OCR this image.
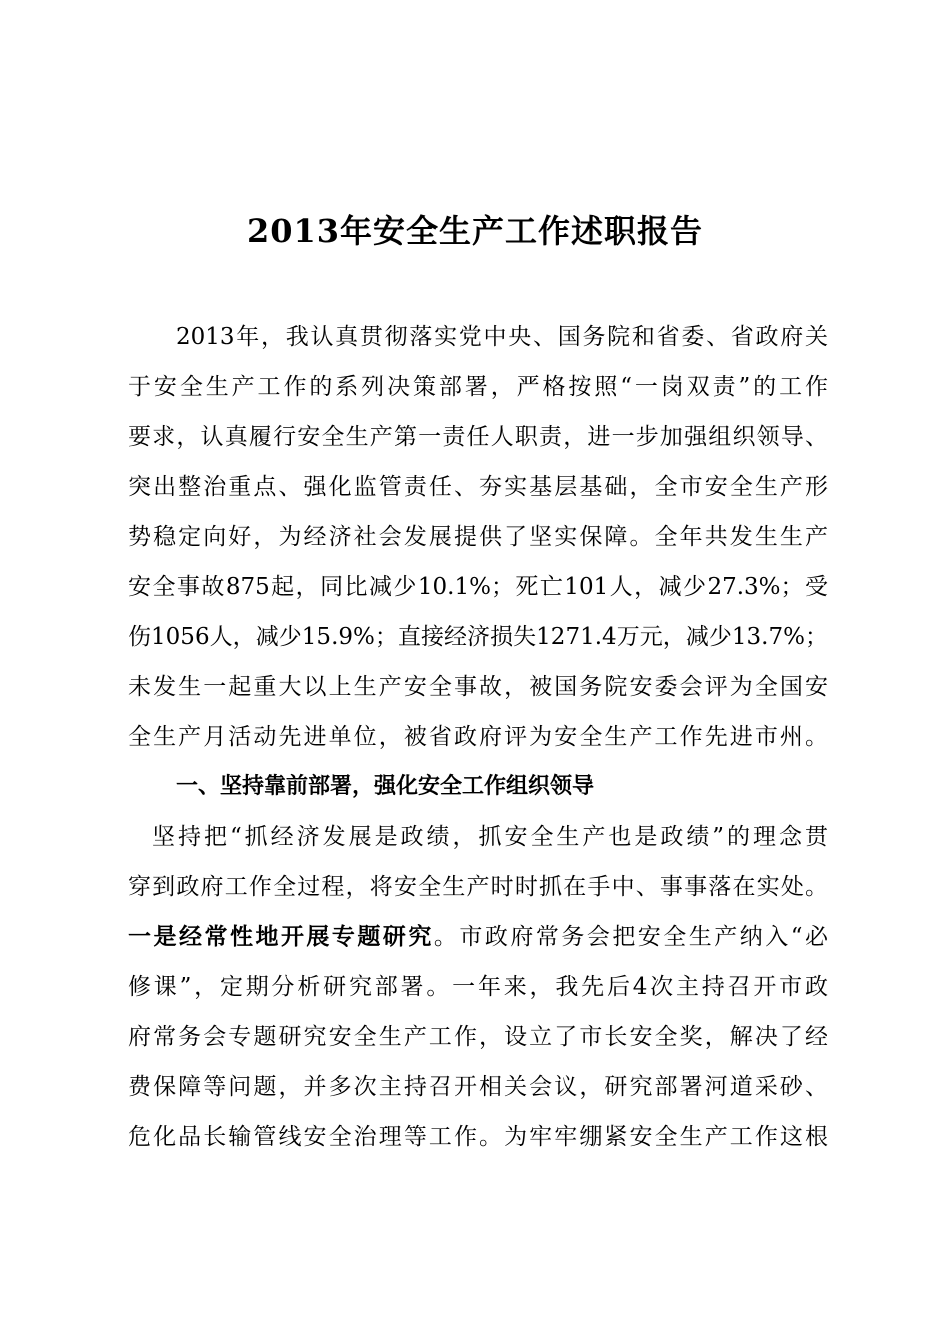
2013年安全生产工作述职报告

2013年，我认真贯彻落实党中央、国务院和省委、省政府关

于安全生产工作的系列决策部署，严格按照“一岗双责”的工作

要求，认真履行安全生产第一责任人职责，进一步加强组织领导、

突出整治重点、强化监管责任、夯实基层基础，全市安全生产形

势稳定向好，为经济社会发展提供了坚实保障。全年共发生生产

安全事故875起，同比减少10.1%；死亡101人，减少27.3%；受

伤1056人，减少15.9%；直接经济损失1271.4万元，减少13.7%；

未发生一起重大以上生产安全事故，被国务院安委会评为全国安

全生产月活动先进单位，被省政府评为安全生产工作先进市州。

一、坚持靠前部署，强化安全工作组织领导

坚持把“抓经济发展是政绩，抓安全生产也是政绩”的理念贯

穿到政府工作全过程，将安全生产时时抓在手中、事事落在实处。

一是经常性地开展专题研究。市政府常务会把安全生产纳入“必

修课”，定期分析研究部署。一年来，我先后4次主持召开市政

府常务会专题研究安全生产工作，设立了市长安全奖，解决了经

费保障等问题，并多次主持召开相关会议，研究部署河道采砂、

危化品长输管线安全治理等工作。为牢牢绷紧安全生产工作这根
